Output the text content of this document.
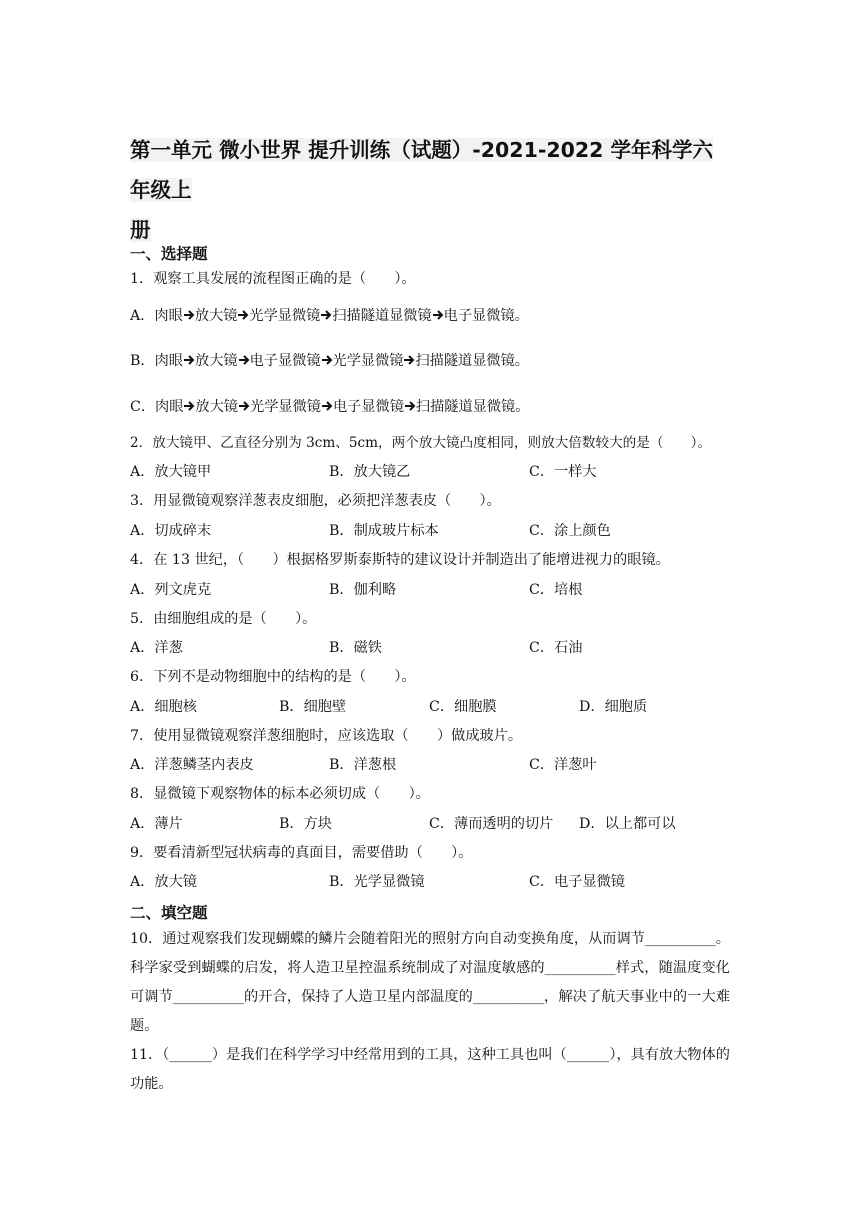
第一单元 微小世界 提升训练（试题）-2021-2022 学年科学六年级上
册
一、选择题
1．观察工具发展的流程图正确的是（　　）。
A．肉眼 放大镜 光学显微镜 扫描隧道显微镜 电子显微镜。
B．肉眼 放大镜 电子显微镜 光学显微镜 扫描隧道显微镜。
C．肉眼 放大镜 光学显微镜 电子显微镜 扫描隧道显微镜。
2．放大镜甲、乙直径分别为 3cm、5cm，两个放大镜凸度相同，则放大倍数较大的是（　　）。
A．放大镜甲	B．放大镜乙	C．一样大
3．用显微镜观察洋葱表皮细胞，必须把洋葱表皮（　　）。
A．切成碎末	B．制成玻片标本	C．涂上颜色
4．在 13 世纪，（　　）根据格罗斯泰斯特的建议设计并制造出了能增进视力的眼镜。
A．列文虎克	B．伽利略	C．培根
5．由细胞组成的是（　　）。
A．洋葱	B．磁铁	C．石油
6．下列不是动物细胞中的结构的是（　　）。
A．细胞核	B．细胞壁	C．细胞膜	D．细胞质
7．使用显微镜观察洋葱细胞时，应该选取（　　）做成玻片。
A．洋葱鳞茎内表皮	B．洋葱根	C．洋葱叶
8．显微镜下观察物体的标本必须切成（　　）。
A．薄片	B．方块	C．薄而透明的切片 D．以上都可以
9．要看清新型冠状病毒的真面目，需要借助（　　）。
A．放大镜	B．光学显微镜	C．电子显微镜
二、填空题
10．通过观察我们发现蝴蝶的鳞片会随着阳光的照射方向自动变换角度，从而调节__________。科学家受到蝴蝶的启发，将人造卫星控温系统制成了对温度敏感的__________样式，随温度变化可调节__________的开合，保持了人造卫星内部温度的__________，解决了航天事业中的一大难题。
11．（______）是我们在科学学习中经常用到的工具，这种工具也叫（______），具有放大物体的功能。
